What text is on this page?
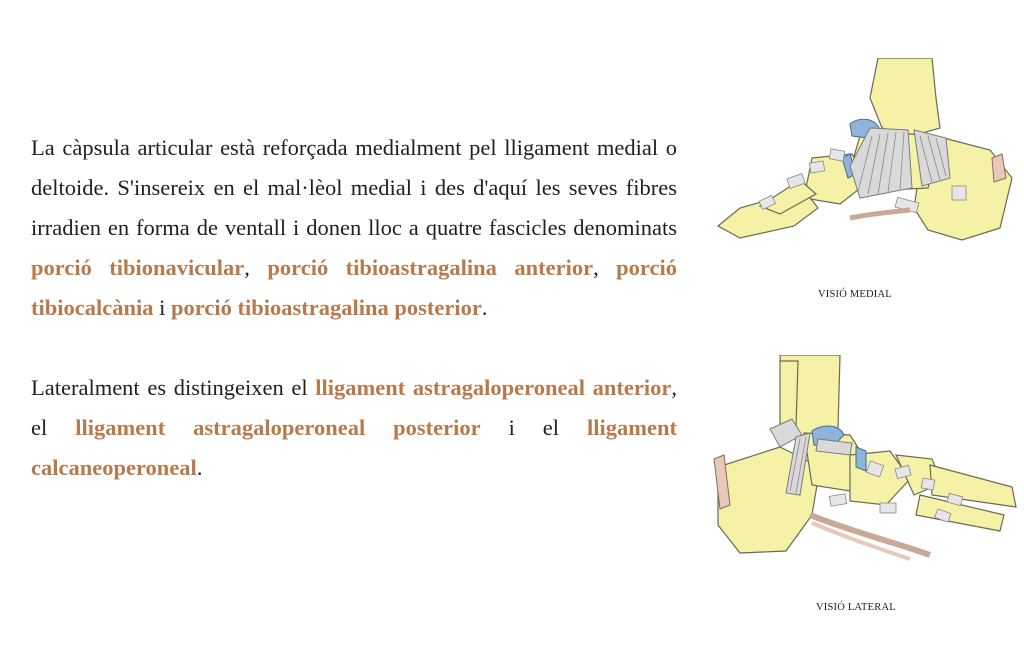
La càpsula articular està reforçada medialment pel lligament medial o deltoide. S'insereix en el mal·lèol medial i des d'aquí les seves fibres irradien en forma de ventall i donen lloc a quatre fascicles denominats porció tibionavicular, porció tibioastragalina anterior, porció tibiocalcània i porció tibioastragalina posterior.

Lateralment es distingeixen el lligament astragaloperoneal anterior, el lligament astragaloperoneal posterior i el lligament calcaneoperoneal.

VISIÓ MEDIAL
VISIÓ LATERAL
